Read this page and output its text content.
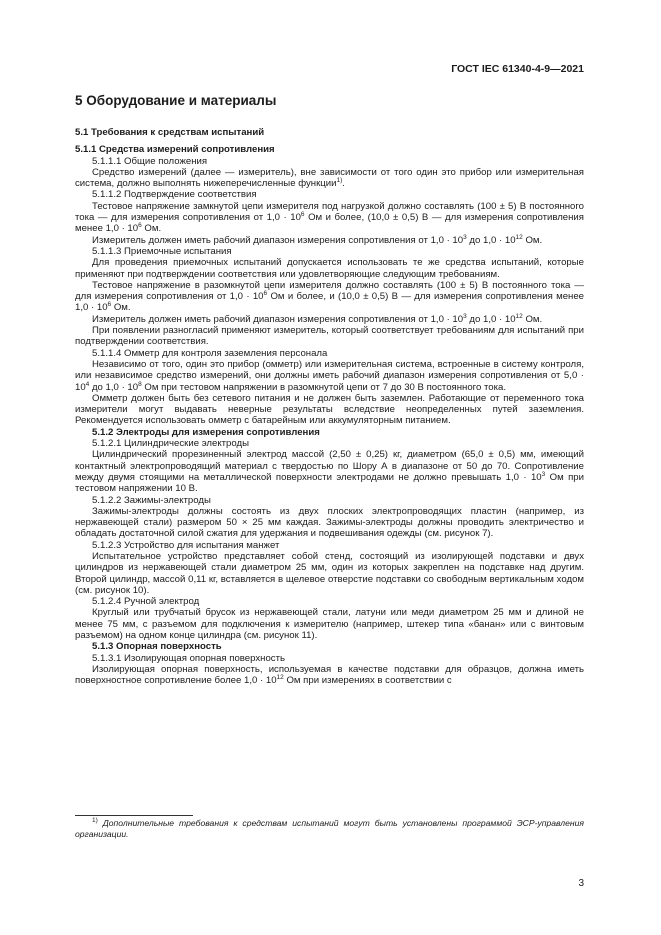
ГОСТ IEC 61340-4-9—2021
5 Оборудование и материалы

5.1 Требования к средствам испытаний

5.1.1 Средства измерений сопротивления

5.1.1.1 Общие положения

Средство измерений (далее — измеритель), вне зависимости от того один это прибор или измерительная система, должно выполнять нижеперечисленные функции$^{1)}$.

5.1.1.2 Подтверждение соответствия

Тестовое напряжение замкнутой цепи измерителя под нагрузкой должно составлять (100 ± 5) В постоянного тока — для измерения сопротивления от $1,0 \cdot 10^6$ Ом и более, (10,0 ± 0,5) В — для измерения сопротивления менее $1,0 \cdot 10^6$ Ом.

Измеритель должен иметь рабочий диапазон измерения сопротивления от $1,0 \cdot 10^3$ до $1,0 \cdot 10^{12}$ Ом.

5.1.1.3 Приемочные испытания

Для проведения приемочных испытаний допускается использовать те же средства испытаний, которые применяют при подтверждении соответствия или удовлетворяющие следующим требованиям.

Тестовое напряжение в разомкнутой цепи измерителя должно составлять (100 ± 5) В постоянного тока — для измерения сопротивления от $1,0 \cdot 10^6$ Ом и более, и (10,0 ± 0,5) В — для измерения сопротивления менее $1,0 \cdot 10^6$ Ом.

Измеритель должен иметь рабочий диапазон измерения сопротивления от $1,0 \cdot 10^3$ до $1,0 \cdot 10^{12}$ Ом.

При появлении разногласий применяют измеритель, который соответствует требованиям для испытаний при подтверждении соответствия.

5.1.1.4 Омметр для контроля заземления персонала

Независимо от того, один это прибор (омметр) или измерительная система, встроенные в систему контроля, или независимое средство измерений, они должны иметь рабочий диапазон измерения сопротивления от $5,0 \cdot 10^4$ до $1,0 \cdot 10^8$ Ом при тестовом напряжении в разомкнутой цепи от 7 до 30 В постоянного тока.

Омметр должен быть без сетевого питания и не должен быть заземлен. Работающие от переменного тока измерители могут выдавать неверные результаты вследствие неопределенных путей заземления. Рекомендуется использовать омметр с батарейным или аккумуляторным питанием.

5.1.2 Электроды для измерения сопротивления

5.1.2.1 Цилиндрические электроды

Цилиндрический прорезиненный электрод массой (2,50 ± 0,25) кг, диаметром (65,0 ± 0,5) мм, имеющий контактный электропроводящий материал с твердостью по Шору А в диапазоне от 50 до 70. Сопротивление между двумя стоящими на металлической поверхности электродами не должно превышать $1,0 \cdot 10^3$ Ом при тестовом напряжении 10 В.

5.1.2.2 Зажимы-электроды

Зажимы-электроды должны состоять из двух плоских электропроводящих пластин (например, из нержавеющей стали) размером 50 × 25 мм каждая. Зажимы-электроды должны проводить электричество и обладать достаточной силой сжатия для удержания и подвешивания одежды (см. рисунок 7).

5.1.2.3 Устройство для испытания манжет

Испытательное устройство представляет собой стенд, состоящий из изолирующей подставки и двух цилиндров из нержавеющей стали диаметром 25 мм, один из которых закреплен на подставке над другим. Второй цилиндр, массой 0,11 кг, вставляется в щелевое отверстие подставки со свободным вертикальным ходом (см. рисунок 10).

5.1.2.4 Ручной электрод

Круглый или трубчатый брусок из нержавеющей стали, латуни или меди диаметром 25 мм и длиной не менее 75 мм, с разъемом для подключения к измерителю (например, штекер типа «банан» или с винтовым разъемом) на одном конце цилиндра (см. рисунок 11).

5.1.3 Опорная поверхность

5.1.3.1 Изолирующая опорная поверхность

Изолирующая опорная поверхность, используемая в качестве подставки для образцов, должна иметь поверхностное сопротивление более $1,0 \cdot 10^{12}$ Ом при измерениях в соответствии с

$^{1)}$ Дополнительные требования к средствам испытаний могут быть установлены программой ЭСР-управления организации.
3
